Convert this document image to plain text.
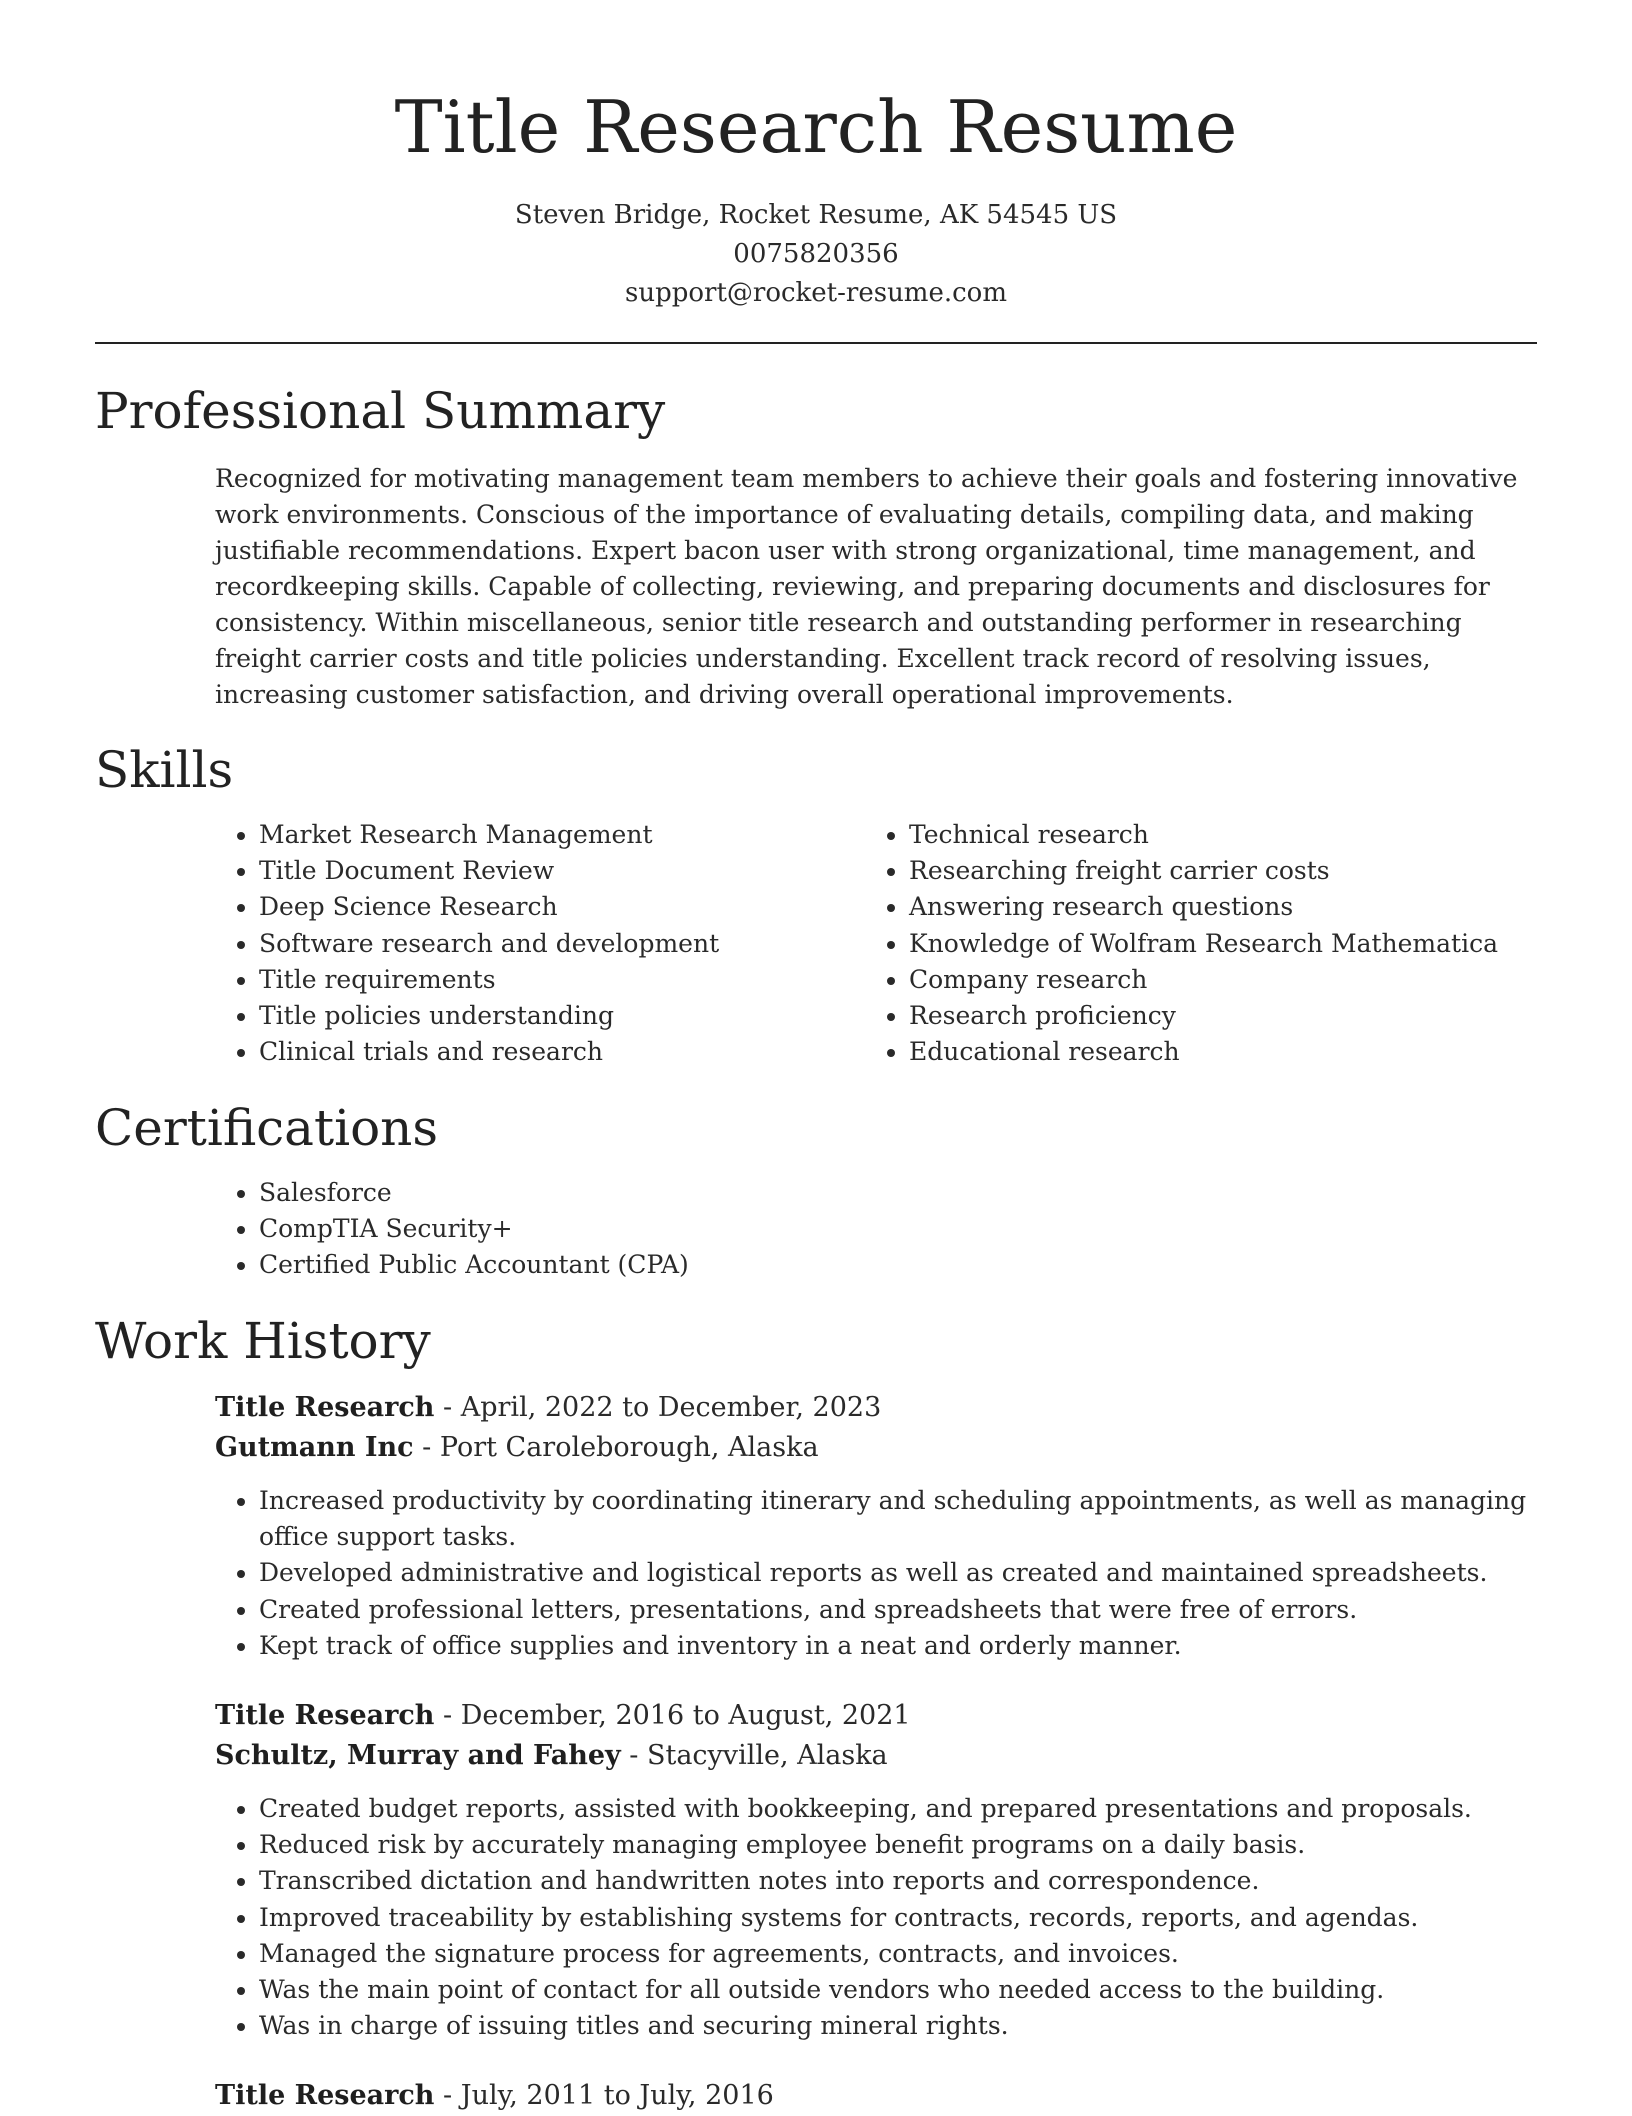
Title Research Resume
Steven Bridge, Rocket Resume, AK 54545 US
0075820356
support@rocket-resume.com
Professional Summary

Recognized for motivating management team members to achieve their goals and fostering innovative work environments. Conscious of the importance of evaluating details, compiling data, and making justifiable recommendations. Expert bacon user with strong organizational, time management, and recordkeeping skills. Capable of collecting, reviewing, and preparing documents and disclosures for consistency. Within miscellaneous, senior title research and outstanding performer in researching freight carrier costs and title policies understanding. Excellent track record of resolving issues, increasing customer satisfaction, and driving overall operational improvements.

Skills
• Market Research Management
• Title Document Review
• Deep Science Research
• Software research and development
• Title requirements
• Title policies understanding
• Clinical trials and research
• Technical research
• Researching freight carrier costs
• Answering research questions
• Knowledge of Wolfram Research Mathematica
• Company research
• Research proficiency
• Educational research
Certifications
• Salesforce
• CompTIA Security+
• Certified Public Accountant (CPA)
Work History
Title Research - April, 2022 to December, 2023
Gutmann Inc - Port Caroleborough, Alaska
• Increased productivity by coordinating itinerary and scheduling appointments, as well as managing office support tasks.
• Developed administrative and logistical reports as well as created and maintained spreadsheets.
• Created professional letters, presentations, and spreadsheets that were free of errors.
• Kept track of office supplies and inventory in a neat and orderly manner.
Title Research - December, 2016 to August, 2021
Schultz, Murray and Fahey - Stacyville, Alaska
• Created budget reports, assisted with bookkeeping, and prepared presentations and proposals.
• Reduced risk by accurately managing employee benefit programs on a daily basis.
• Transcribed dictation and handwritten notes into reports and correspondence.
• Improved traceability by establishing systems for contracts, records, reports, and agendas.
• Managed the signature process for agreements, contracts, and invoices.
• Was the main point of contact for all outside vendors who needed access to the building.
• Was in charge of issuing titles and securing mineral rights.
Title Research - July, 2011 to July, 2016
